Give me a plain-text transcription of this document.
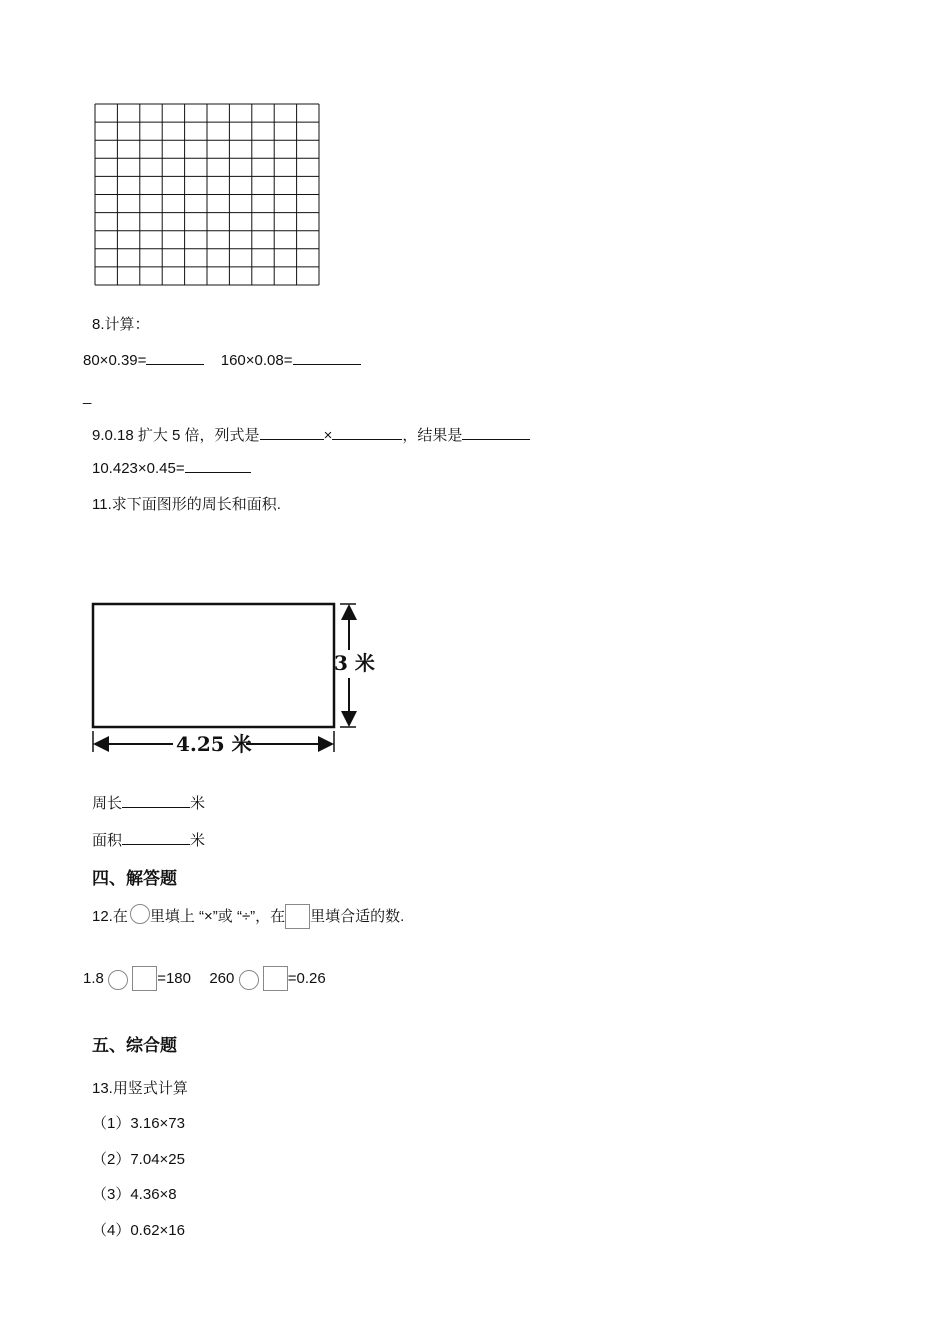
8.计算：
80×0.39=	160×0.08=
_
9.0.18 扩大 5 倍，列式是	×	，结果是
10.423×0.45=
11.求下面图形的周长和面积.
3 米
4.25 米
周长	米
面积	米
四、解答题
12.在 里填上 “×”或 “÷”，在 里填合适的数.
1.8	=180 260	=0.26
五、综合题
13.用竖式计算
（1）3.16×73
（2）7.04×25
（3）4.36×8
（4）0.62×16
